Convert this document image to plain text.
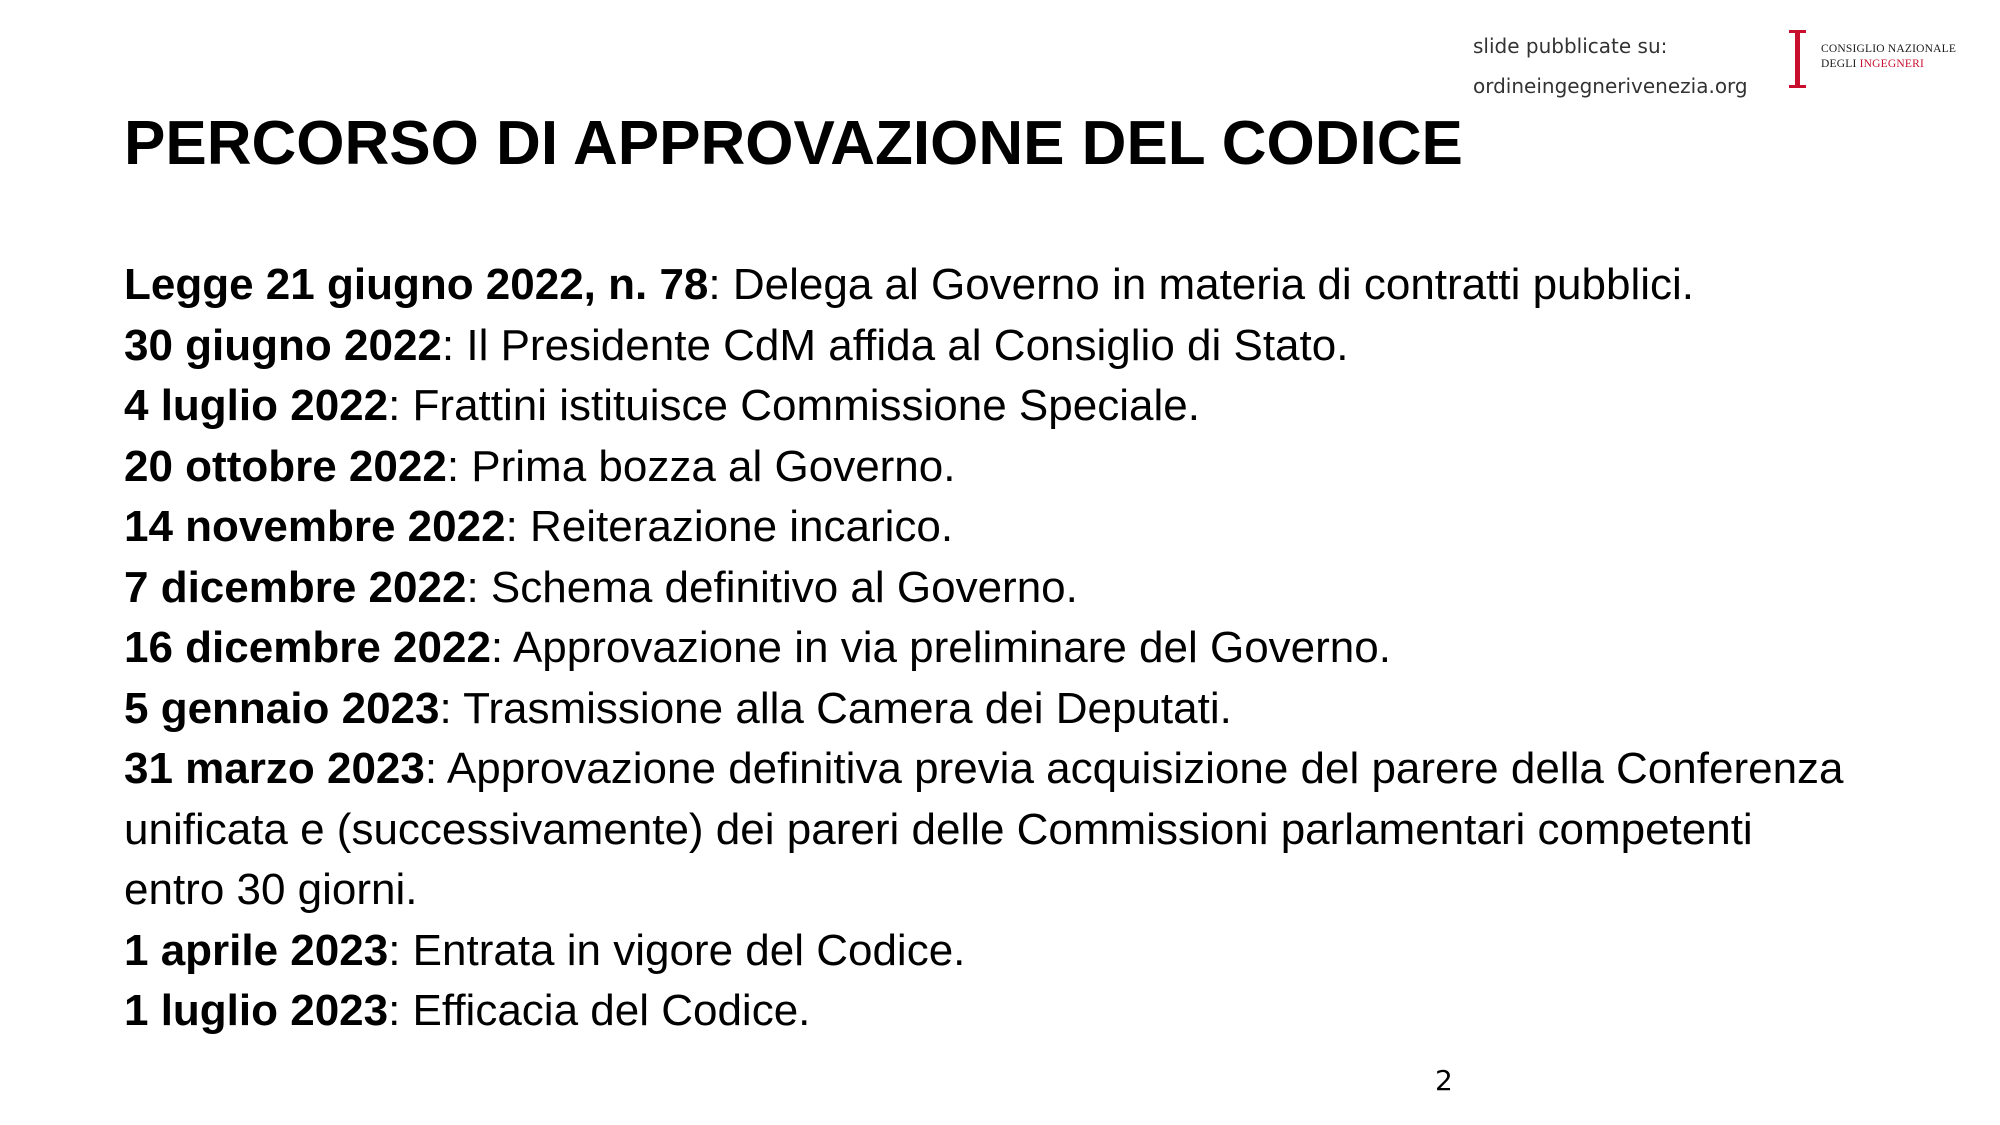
slide pubblicate su:
ordineingegnerivenezia.org
CONSIGLIO NAZIONALE
DEGLI INGEGNERI
PERCORSO DI APPROVAZIONE DEL CODICE

Legge 21 giugno 2022, n. 78: Delega al Governo in materia di contratti pubblici.

30 giugno 2022: Il Presidente CdM affida al Consiglio di Stato.

4 luglio 2022: Frattini istituisce Commissione Speciale.

20 ottobre 2022: Prima bozza al Governo.

14 novembre 2022: Reiterazione incarico.

7 dicembre 2022: Schema definitivo al Governo.

16 dicembre 2022: Approvazione in via preliminare del Governo.

5 gennaio 2023: Trasmissione alla Camera dei Deputati.

31 marzo 2023: Approvazione definitiva previa acquisizione del parere della Conferenza unificata e (successivamente) dei pareri delle Commissioni parlamentari competenti entro 30 giorni.

1 aprile 2023: Entrata in vigore del Codice.

1 luglio 2023: Efficacia del Codice.

2
